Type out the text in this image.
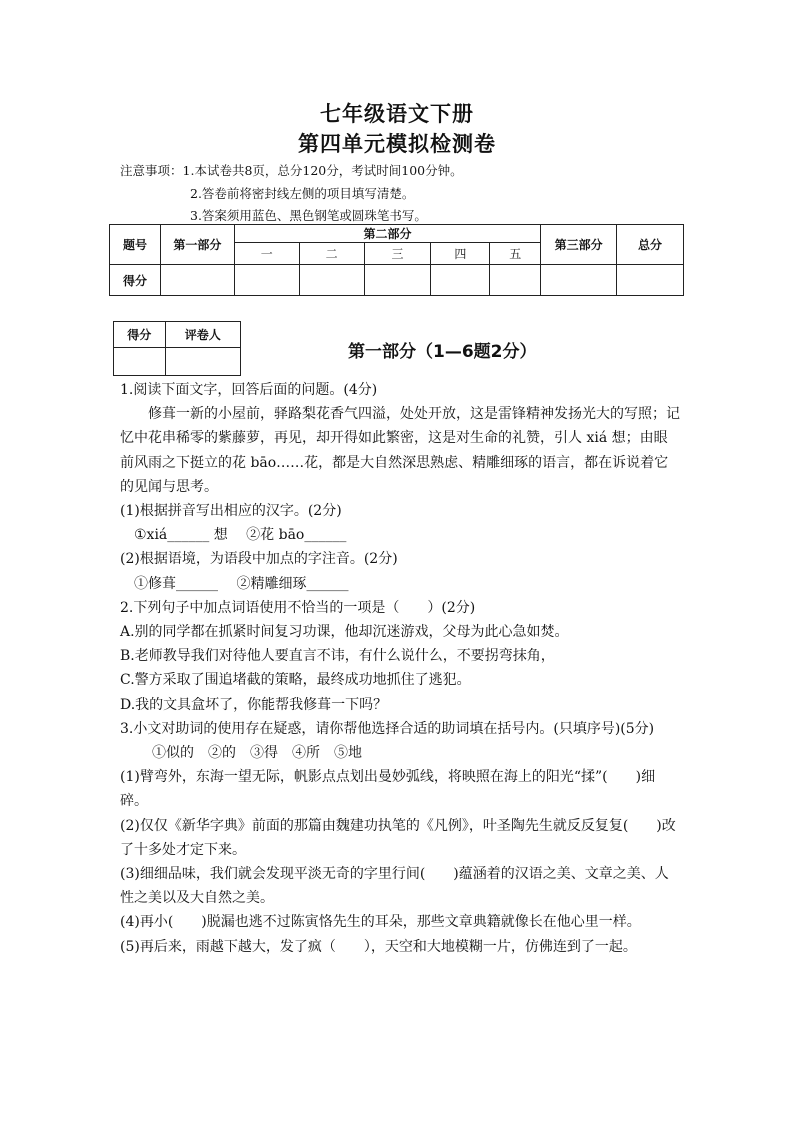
七年级语文下册
第四单元模拟检测卷
注意事项：1.本试卷共8页，总分120分，考试时间100分钟。
2.答卷前将密封线左侧的项目填写清楚。
3.答案须用蓝色、黑色钢笔或圆珠笔书写。
题号	第一部分	第二部分					第三部分	总分
		一	二	三	四	五		
得分								
得分	评卷人

第一部分（1—6题2分）

1.阅读下面文字，回答后面的问题。(4分)

修葺一新的小屋前，驿路梨花香气四溢，处处开放，这是雷锋精神发扬光大的写照；记忆中花串稀零的紫藤萝，再见，却开得如此繁密，这是对生命的礼赞，引人 xiá 想；由眼前风雨之下挺立的花 bāo……花，都是大自然深思熟虑、精雕细琢的语言，都在诉说着它的见闻与思考。

(1)根据拼音写出相应的汉字。(2分)

①xiá______ 想　 ②花 bāo______

(2)根据语境，为语段中加点的字注音。(2分)

①修葺______　 ②精雕细琢______

2.下列句子中加点词语使用不恰当的一项是（　　）(2分)

A.别的同学都在抓紧时间复习功课，他却沉迷游戏，父母为此心急如焚。

B.老师教导我们对待他人要直言不讳，有什么说什么，不要拐弯抹角，

C.警方采取了围追堵截的策略，最终成功地抓住了逃犯。

D.我的文具盒坏了，你能帮我修葺一下吗？

3.小文对助词的使用存在疑惑，请你帮他选择合适的助词填在括号内。(只填序号)(5分)

①似的　②的　③得　④所　⑤地

(1)臂弯外，东海一望无际，帆影点点划出曼妙弧线，将映照在海上的阳光“揉”(　　)细碎。

(2)仅仅《新华字典》前面的那篇由魏建功执笔的《凡例》，叶圣陶先生就反反复复(　　)改了十多处才定下来。

(3)细细品味，我们就会发现平淡无奇的字里行间(　　)蕴涵着的汉语之美、文章之美、人性之美以及大自然之美。

(4)再小(　　)脱漏也逃不过陈寅恪先生的耳朵，那些文章典籍就像长在他心里一样。

(5)再后来，雨越下越大，发了疯（　　），天空和大地模糊一片，仿佛连到了一起。
